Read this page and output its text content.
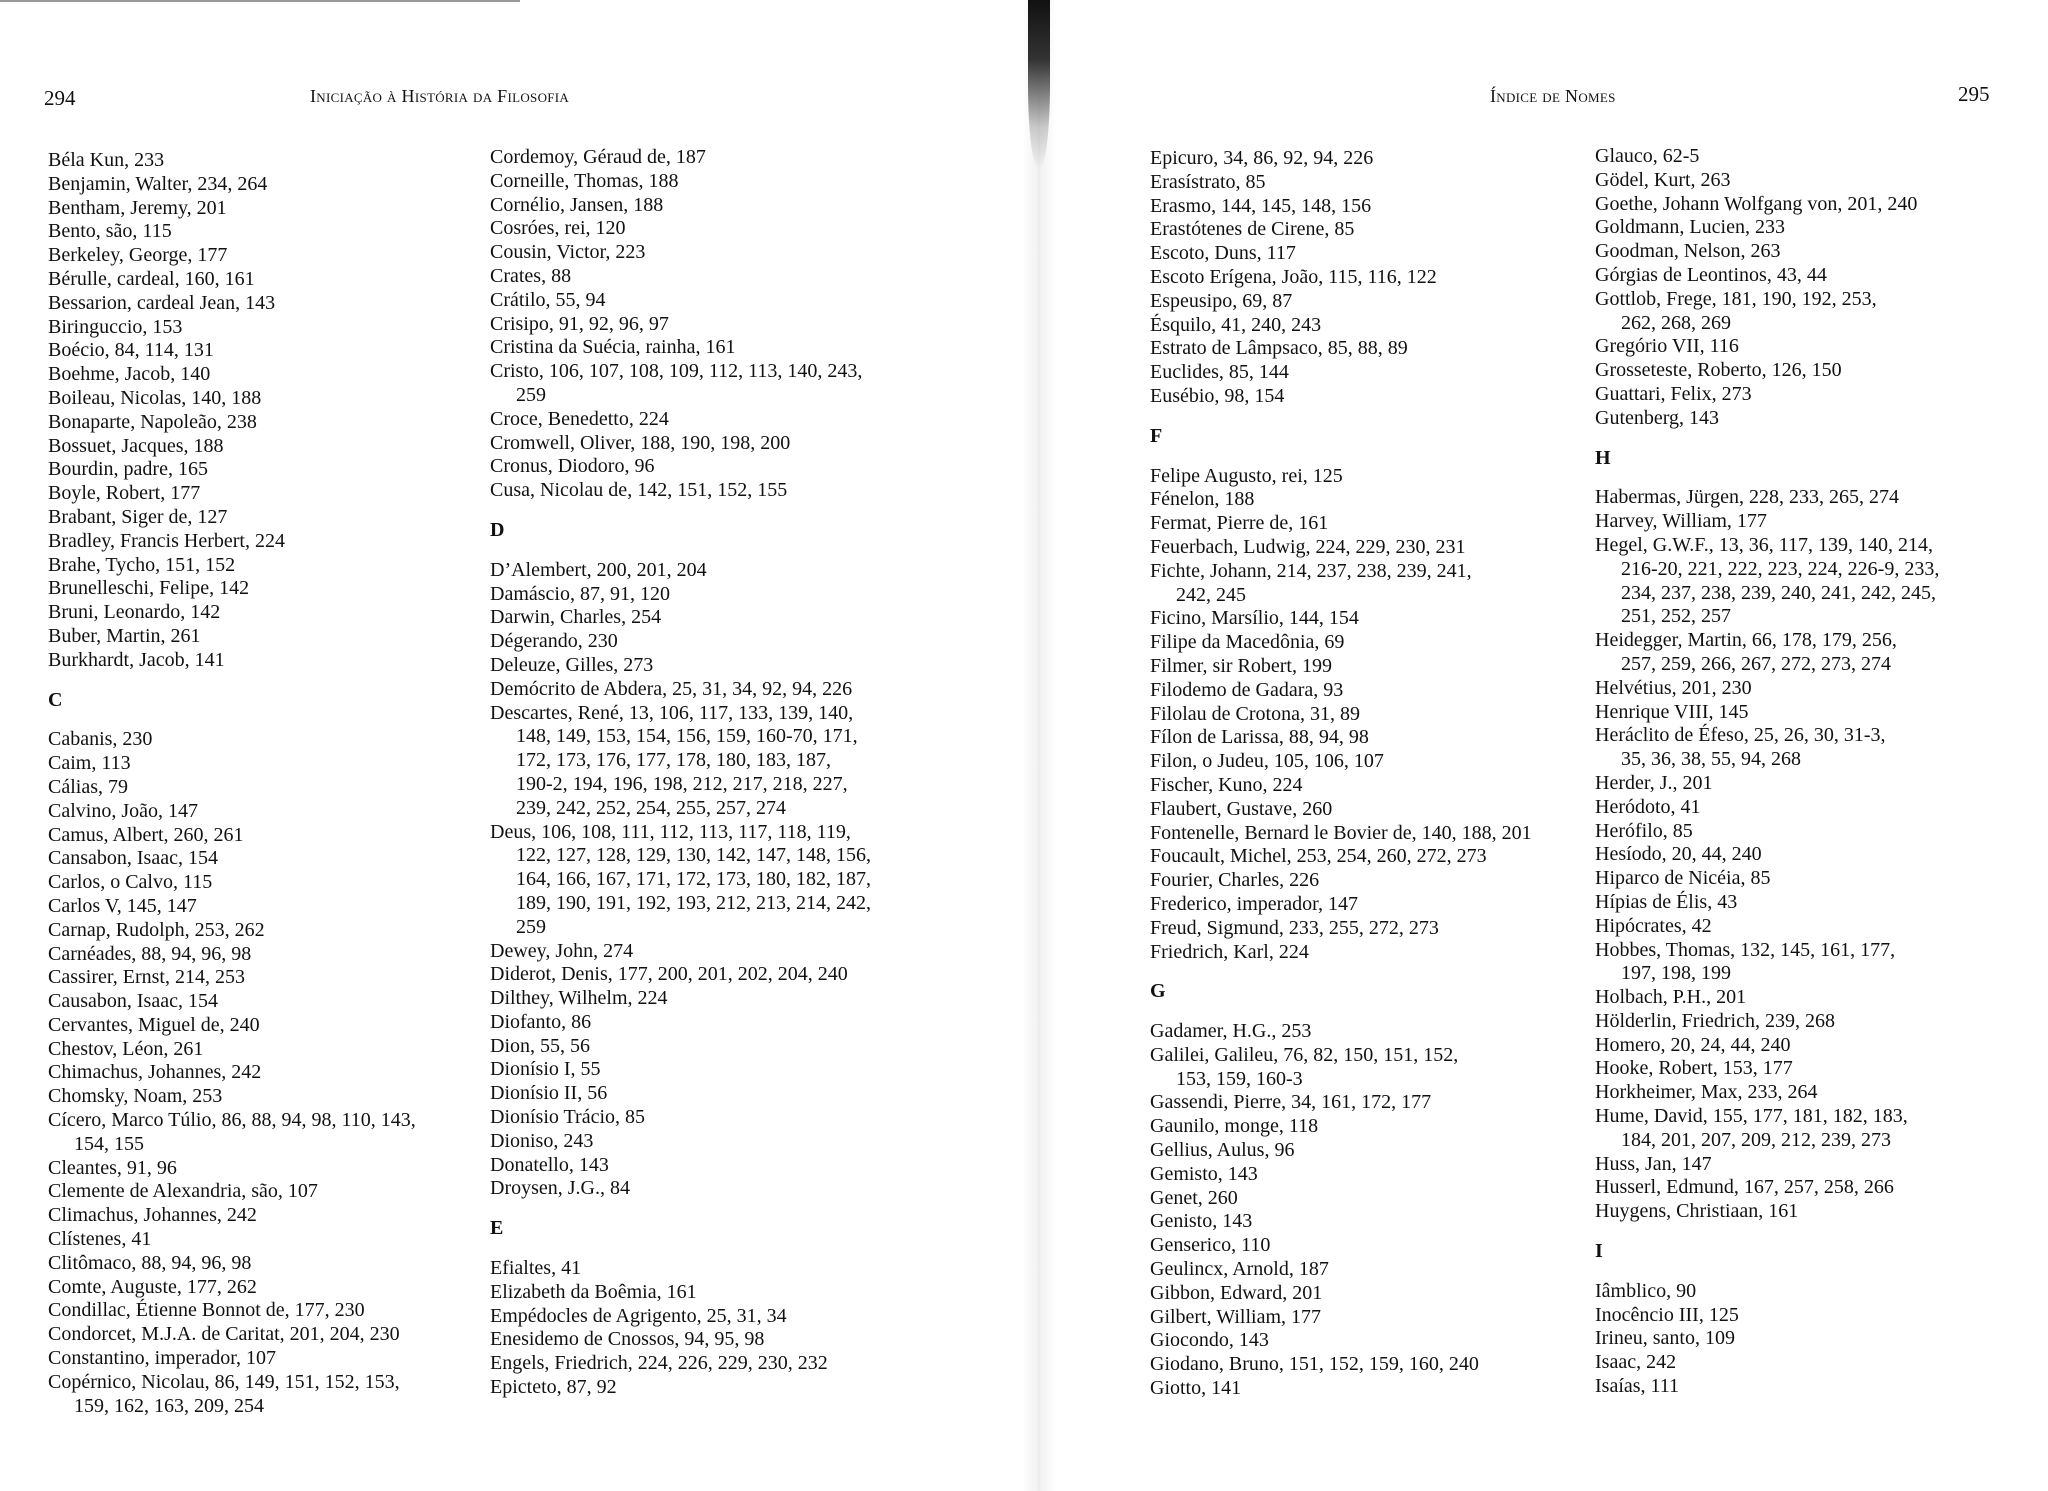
294	Iniciação à História da Filosofia	Índice de Nomes	295
Béla Kun, 233
Benjamin, Walter, 234, 264
Bentham, Jeremy, 201
Bento, são, 115
Berkeley, George, 177
Bérulle, cardeal, 160, 161
Bessarion, cardeal Jean, 143
Biringuccio, 153
Boécio, 84, 114, 131
Boehme, Jacob, 140
Boileau, Nicolas, 140, 188
Bonaparte, Napoleão, 238
Bossuet, Jacques, 188
Bourdin, padre, 165
Boyle, Robert, 177
Brabant, Siger de, 127
Bradley, Francis Herbert, 224
Brahe, Tycho, 151, 152
Brunelleschi, Felipe, 142
Bruni, Leonardo, 142
Buber, Martin, 261
Burkhardt, Jacob, 141
C
Cabanis, 230
Caim, 113
Cálias, 79
Calvino, João, 147
Camus, Albert, 260, 261
Cansabon, Isaac, 154
Carlos, o Calvo, 115
Carlos V, 145, 147
Carnap, Rudolph, 253, 262
Carnéades, 88, 94, 96, 98
Cassirer, Ernst, 214, 253
Causabon, Isaac, 154
Cervantes, Miguel de, 240
Chestov, Léon, 261
Chimachus, Johannes, 242
Chomsky, Noam, 253
Cícero, Marco Túlio, 86, 88, 94, 98, 110, 143,
154, 155
Cleantes, 91, 96
Clemente de Alexandria, são, 107
Climachus, Johannes, 242
Clístenes, 41
Clitômaco, 88, 94, 96, 98
Comte, Auguste, 177, 262
Condillac, Étienne Bonnot de, 177, 230
Condorcet, M.J.A. de Caritat, 201, 204, 230
Constantino, imperador, 107
Copérnico, Nicolau, 86, 149, 151, 152, 153,
159, 162, 163, 209, 254
Cordemoy, Géraud de, 187
Corneille, Thomas, 188
Cornélio, Jansen, 188
Cosróes, rei, 120
Cousin, Victor, 223
Crates, 88
Crátilo, 55, 94
Crisipo, 91, 92, 96, 97
Cristina da Suécia, rainha, 161
Cristo, 106, 107, 108, 109, 112, 113, 140, 243,
259
Croce, Benedetto, 224
Cromwell, Oliver, 188, 190, 198, 200
Cronus, Diodoro, 96
Cusa, Nicolau de, 142, 151, 152, 155
D
D’Alembert, 200, 201, 204
Damáscio, 87, 91, 120
Darwin, Charles, 254
Dégerando, 230
Deleuze, Gilles, 273
Demócrito de Abdera, 25, 31, 34, 92, 94, 226
Descartes, René, 13, 106, 117, 133, 139, 140,
148, 149, 153, 154, 156, 159, 160-70, 171,
172, 173, 176, 177, 178, 180, 183, 187,
190-2, 194, 196, 198, 212, 217, 218, 227,
239, 242, 252, 254, 255, 257, 274
Deus, 106, 108, 111, 112, 113, 117, 118, 119,
122, 127, 128, 129, 130, 142, 147, 148, 156,
164, 166, 167, 171, 172, 173, 180, 182, 187,
189, 190, 191, 192, 193, 212, 213, 214, 242,
259
Dewey, John, 274
Diderot, Denis, 177, 200, 201, 202, 204, 240
Dilthey, Wilhelm, 224
Diofanto, 86
Dion, 55, 56
Dionísio I, 55
Dionísio II, 56
Dionísio Trácio, 85
Dioniso, 243
Donatello, 143
Droysen, J.G., 84
E
Efialtes, 41
Elizabeth da Boêmia, 161
Empédocles de Agrigento, 25, 31, 34
Enesidemo de Cnossos, 94, 95, 98
Engels, Friedrich, 224, 226, 229, 230, 232
Epicteto, 87, 92
Epicuro, 34, 86, 92, 94, 226
Erasístrato, 85
Erasmo, 144, 145, 148, 156
Erastótenes de Cirene, 85
Escoto, Duns, 117
Escoto Erígena, João, 115, 116, 122
Espeusipo, 69, 87
Ésquilo, 41, 240, 243
Estrato de Lâmpsaco, 85, 88, 89
Euclides, 85, 144
Eusébio, 98, 154
F
Felipe Augusto, rei, 125
Fénelon, 188
Fermat, Pierre de, 161
Feuerbach, Ludwig, 224, 229, 230, 231
Fichte, Johann, 214, 237, 238, 239, 241,
242, 245
Ficino, Marsílio, 144, 154
Filipe da Macedônia, 69
Filmer, sir Robert, 199
Filodemo de Gadara, 93
Filolau de Crotona, 31, 89
Fílon de Larissa, 88, 94, 98
Filon, o Judeu, 105, 106, 107
Fischer, Kuno, 224
Flaubert, Gustave, 260
Fontenelle, Bernard le Bovier de, 140, 188, 201
Foucault, Michel, 253, 254, 260, 272, 273
Fourier, Charles, 226
Frederico, imperador, 147
Freud, Sigmund, 233, 255, 272, 273
Friedrich, Karl, 224
G
Gadamer, H.G., 253
Galilei, Galileu, 76, 82, 150, 151, 152,
153, 159, 160-3
Gassendi, Pierre, 34, 161, 172, 177
Gaunilo, monge, 118
Gellius, Aulus, 96
Gemisto, 143
Genet, 260
Genisto, 143
Genserico, 110
Geulincx, Arnold, 187
Gibbon, Edward, 201
Gilbert, William, 177
Giocondo, 143
Giodano, Bruno, 151, 152, 159, 160, 240
Giotto, 141
Glauco, 62-5
Gödel, Kurt, 263
Goethe, Johann Wolfgang von, 201, 240
Goldmann, Lucien, 233
Goodman, Nelson, 263
Górgias de Leontinos, 43, 44
Gottlob, Frege, 181, 190, 192, 253,
262, 268, 269
Gregório VII, 116
Grosseteste, Roberto, 126, 150
Guattari, Felix, 273
Gutenberg, 143
H
Habermas, Jürgen, 228, 233, 265, 274
Harvey, William, 177
Hegel, G.W.F., 13, 36, 117, 139, 140, 214,
216-20, 221, 222, 223, 224, 226-9, 233,
234, 237, 238, 239, 240, 241, 242, 245,
251, 252, 257
Heidegger, Martin, 66, 178, 179, 256,
257, 259, 266, 267, 272, 273, 274
Helvétius, 201, 230
Henrique VIII, 145
Heráclito de Éfeso, 25, 26, 30, 31-3,
35, 36, 38, 55, 94, 268
Herder, J., 201
Heródoto, 41
Herófilo, 85
Hesíodo, 20, 44, 240
Hiparco de Nicéia, 85
Hípias de Élis, 43
Hipócrates, 42
Hobbes, Thomas, 132, 145, 161, 177,
197, 198, 199
Holbach, P.H., 201
Hölderlin, Friedrich, 239, 268
Homero, 20, 24, 44, 240
Hooke, Robert, 153, 177
Horkheimer, Max, 233, 264
Hume, David, 155, 177, 181, 182, 183,
184, 201, 207, 209, 212, 239, 273
Huss, Jan, 147
Husserl, Edmund, 167, 257, 258, 266
Huygens, Christiaan, 161
I
Iâmblico, 90
Inocêncio III, 125
Irineu, santo, 109
Isaac, 242
Isaías, 111
